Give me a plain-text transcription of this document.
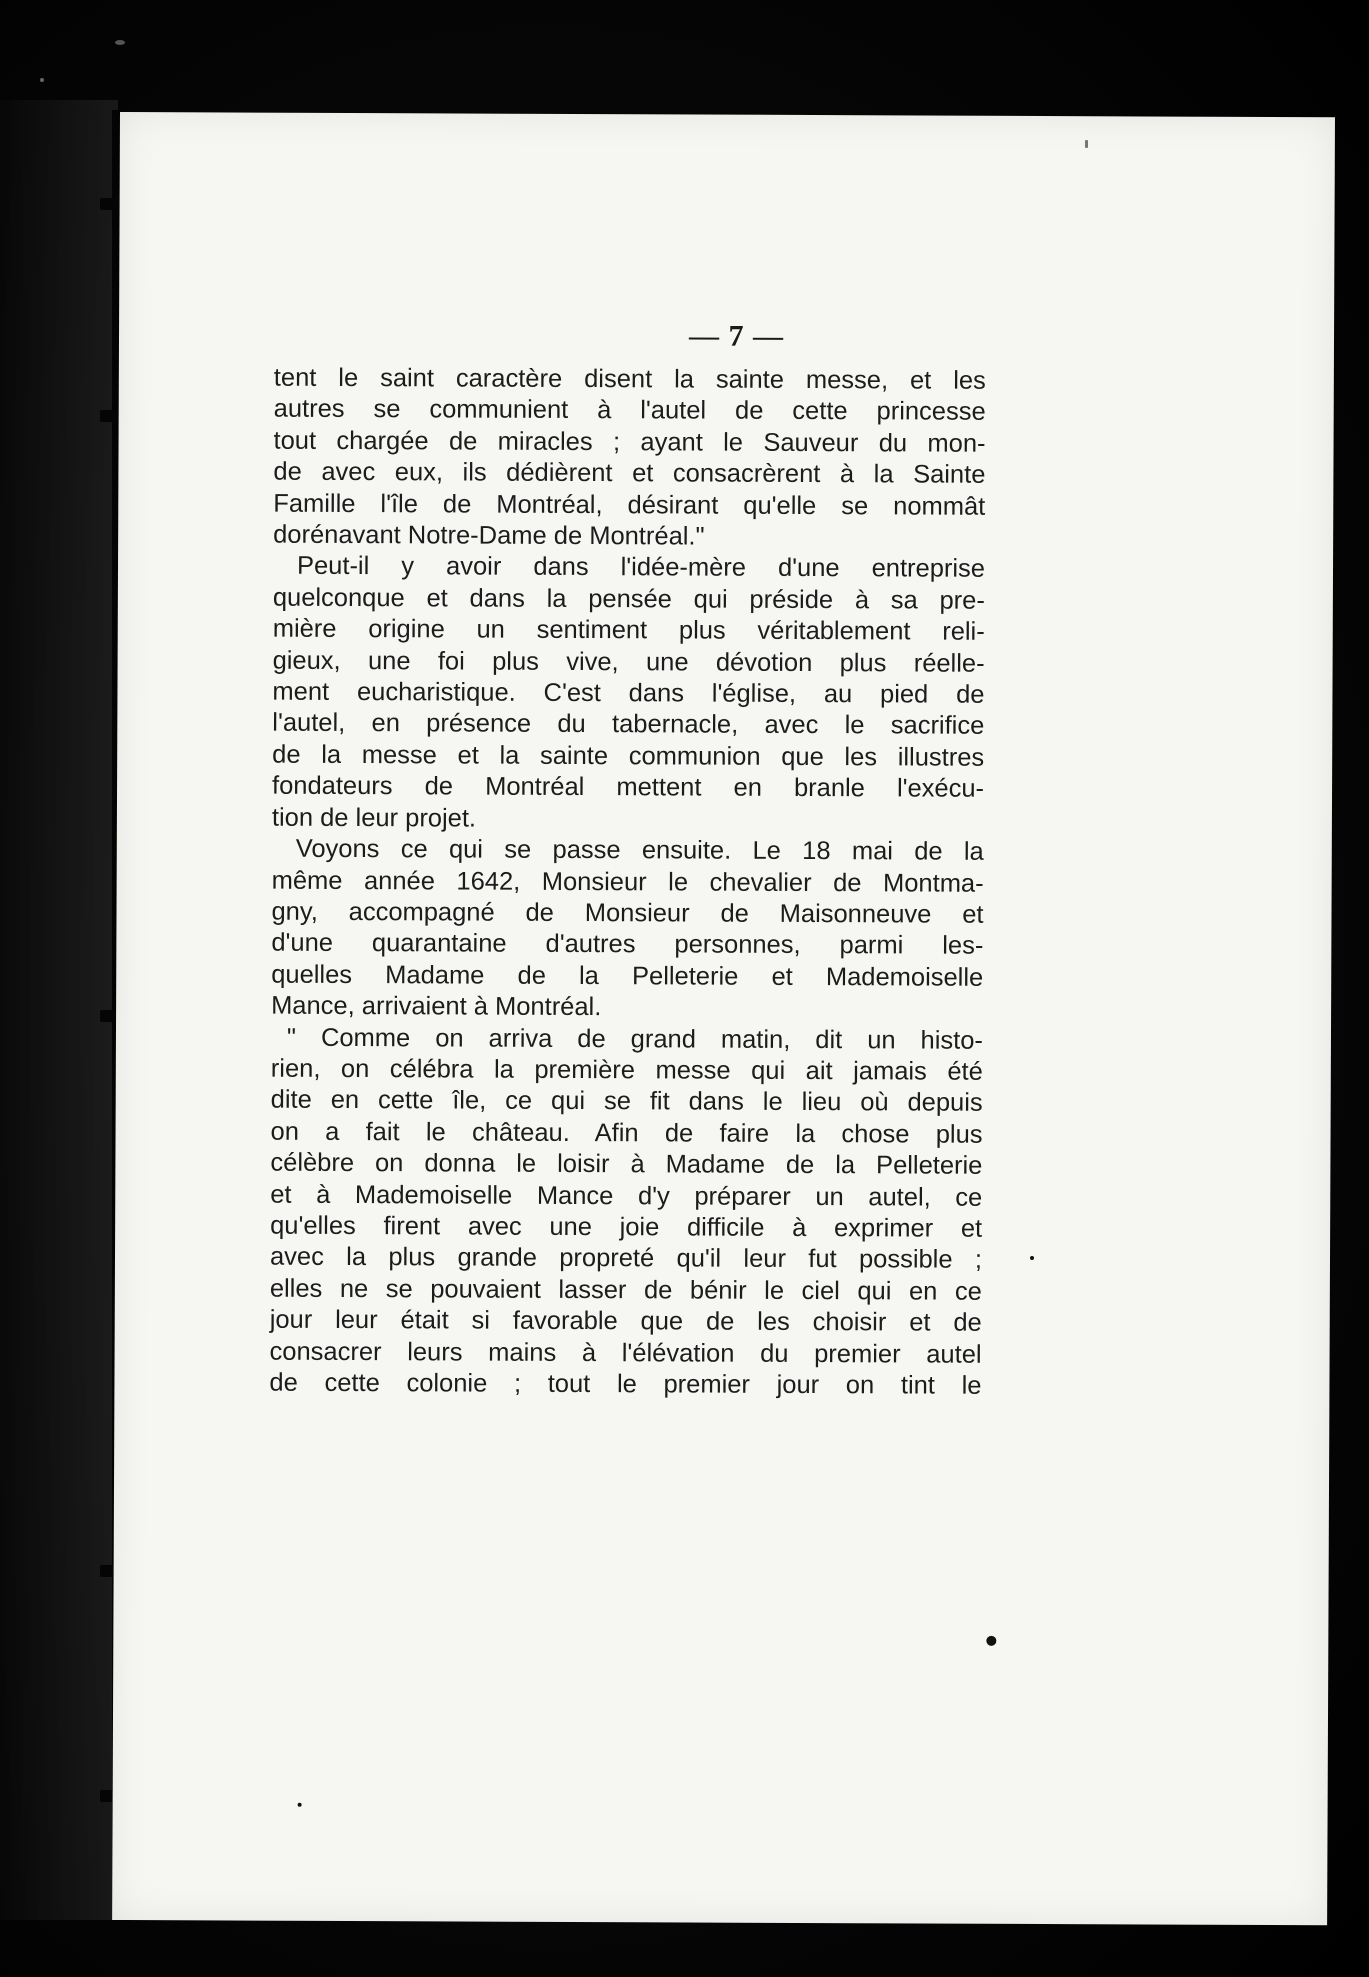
— 7 —

tent le saint caractère disent la sainte messe, et les
autres se communient à l'autel de cette princesse
tout chargée de miracles ; ayant le Sauveur du mon-
de avec eux, ils dédièrent et consacrèrent à la Sainte
Famille l'île de Montréal, désirant qu'elle se nommât
dorénavant Notre-Dame de Montréal."

Peut-il y avoir dans l'idée-mère d'une entreprise
quelconque et dans la pensée qui préside à sa pre-
mière origine un sentiment plus véritablement reli-
gieux, une foi plus vive, une dévotion plus réelle-
ment eucharistique. C'est dans l'église, au pied de
l'autel, en présence du tabernacle, avec le sacrifice
de la messe et la sainte communion que les illustres
fondateurs de Montréal mettent en branle l'exécu-
tion de leur projet.

Voyons ce qui se passe ensuite. Le 18 mai de la
même année 1642, Monsieur le chevalier de Montma-
gny, accompagné de Monsieur de Maisonneuve et
d'une quarantaine d'autres personnes, parmi les-
quelles Madame de la Pelleterie et Mademoiselle
Mance, arrivaient à Montréal.

" Comme on arriva de grand matin, dit un histo-
rien, on célébra la première messe qui ait jamais été
dite en cette île, ce qui se fit dans le lieu où depuis
on a fait le château. Afin de faire la chose plus
célèbre on donna le loisir à Madame de la Pelleterie
et à Mademoiselle Mance d'y préparer un autel, ce
qu'elles firent avec une joie difficile à exprimer et
avec la plus grande propreté qu'il leur fut possible ;
elles ne se pouvaient lasser de bénir le ciel qui en ce
jour leur était si favorable que de les choisir et de
consacrer leurs mains à l'élévation du premier autel
de cette colonie ; tout le premier jour on tint le
